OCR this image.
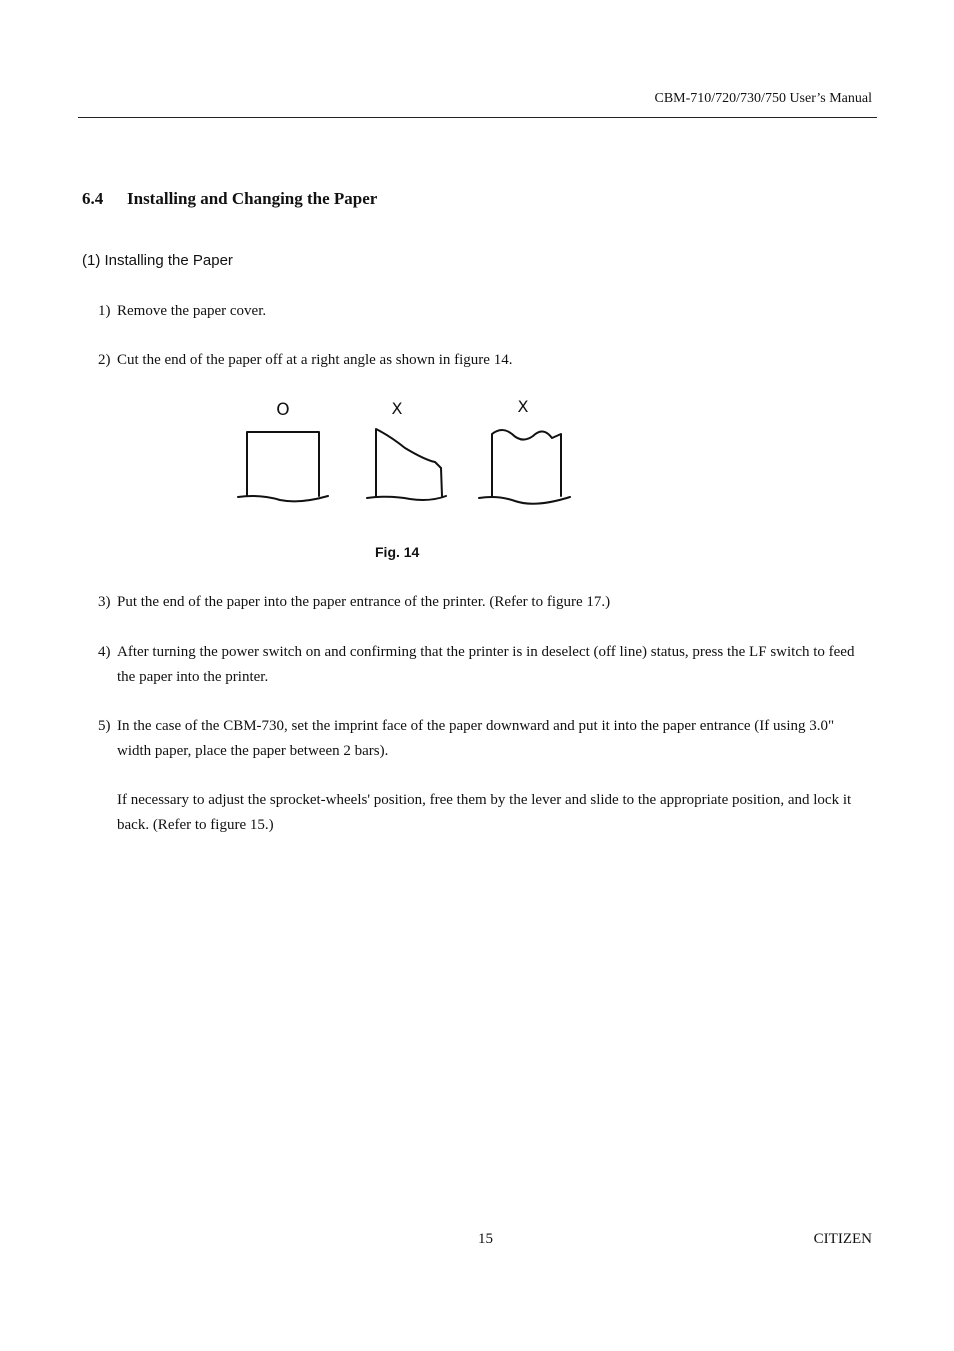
CBM-710/720/730/750 User’s Manual
6.4 Installing and Changing the Paper
(1) Installing the Paper
1) Remove the paper cover.
2) Cut the end of the paper off at a right angle as shown in figure 14.
O	X	X
Fig. 14
3) Put the end of the paper into the paper entrance of the printer. (Refer to figure 17.)
4) After turning the power switch on and confirming that the printer is in deselect (off line) status, press the LF switch to feed the paper into the printer.
5) In the case of the CBM-730, set the imprint face of the paper downward and put it into the paper entrance (If using 3.0" width paper, place the paper between 2 bars).
If necessary to adjust the sprocket-wheels' position, free them by the lever and slide to the appropriate position, and lock it back. (Refer to figure 15.)
15	CITIZEN
